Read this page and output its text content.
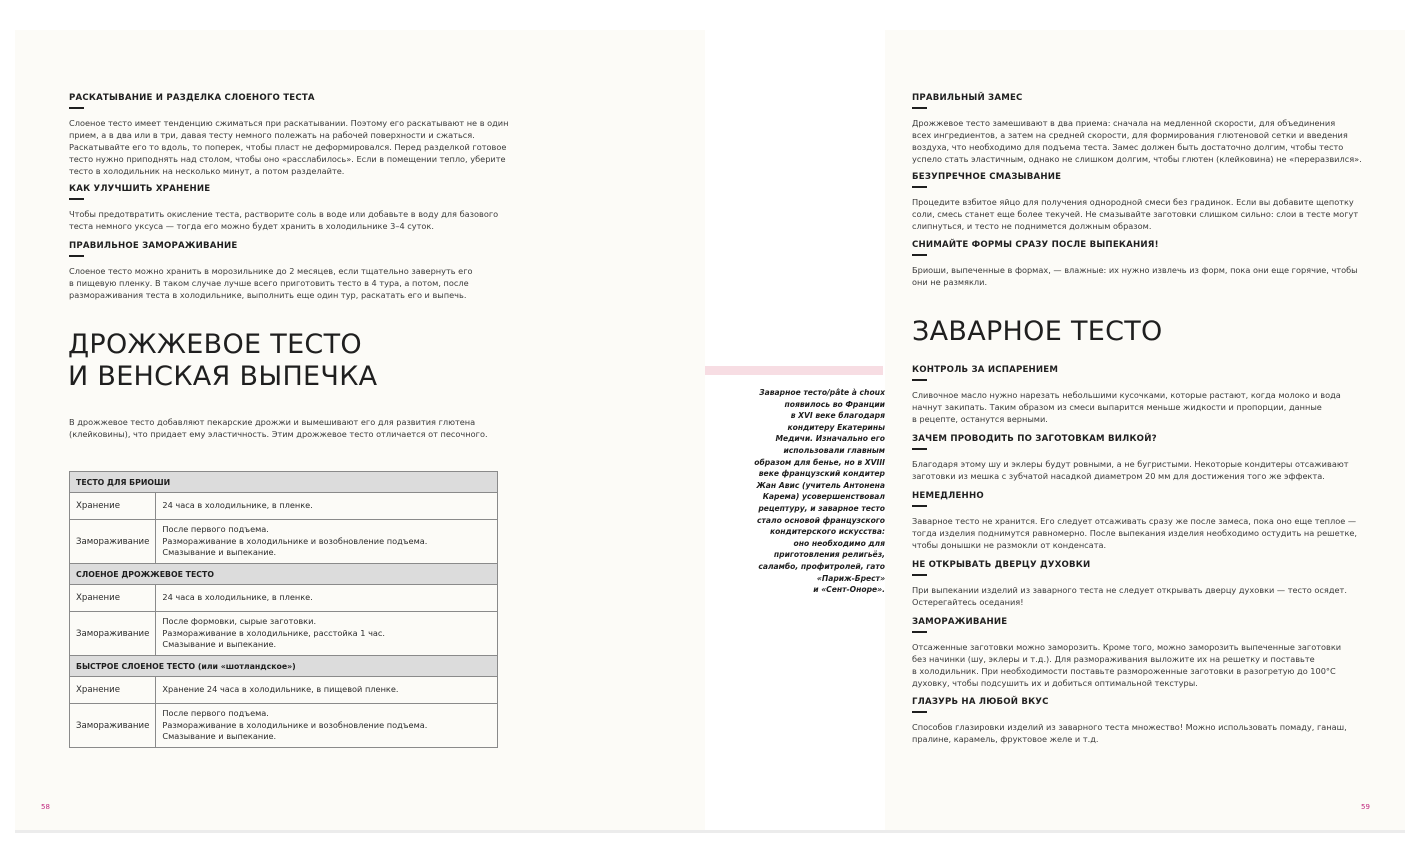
РАСКАТЫВАНИЕ И РАЗДЕЛКА СЛОЕНОГО ТЕСТА

Слоеное тесто имеет тенденцию сжиматься при раскатывании. Поэтому его раскатывают не в один
прием, а в два или в три, давая тесту немного полежать на рабочей поверхности и сжаться.
Раскатывайте его то вдоль, то поперек, чтобы пласт не деформировался. Перед разделкой готовое
тесто нужно приподнять над столом, чтобы оно «расслабилось». Если в помещении тепло, уберите
тесто в холодильник на несколько минут, а потом разделайте.

КАК УЛУЧШИТЬ ХРАНЕНИЕ

Чтобы предотвратить окисление теста, растворите соль в воде или добавьте в воду для базового
теста немного уксуса — тогда его можно будет хранить в холодильнике 3–4 суток.

ПРАВИЛЬНОЕ ЗАМОРАЖИВАНИЕ

Слоеное тесто можно хранить в морозильнике до 2 месяцев, если тщательно завернуть его
в пищевую пленку. В таком случае лучше всего приготовить тесто в 4 тура, а потом, после
размораживания теста в холодильнике, выполнить еще один тур, раскатать его и выпечь.

ДРОЖЖЕВОЕ ТЕСТО
И ВЕНСКАЯ ВЫПЕЧКА
В дрожжевое тесто добавляют пекарские дрожжи и вымешивают его для развития глютена
(клейковины), что придает ему эластичность. Этим дрожжевое тесто отличается от песочного.
ТЕСТО ДЛЯ БРИОШИ	
Хранение	24 часа в холодильнике, в пленке.

Замораживание	После первого подъема.
Размораживание в холодильнике и возобновление подъема.
Смазывание и выпекание.

СЛОЕНОЕ ДРОЖЖЕВОЕ ТЕСТО	
Хранение	24 часа в холодильнике, в пленке.

Замораживание	После формовки, сырые заготовки.
Размораживание в холодильнике, расстойка 1 час.
Смазывание и выпекание.

БЫСТРОЕ СЛОЕНОЕ ТЕСТО (или «шотландское»)	
Хранение	Хранение 24 часа в холодильнике, в пищевой пленке.

Замораживание	После первого подъема.
Размораживание в холодильнике и возобновление подъема.
Смазывание и выпекание.
58
Заварное тесто/pâte à choux
появилось во Франции
в XVI веке благодаря
кондитеру Екатерины
Медичи. Изначально его
использовали главным
образом для бенье, но в XVIII
веке французский кондитер
Жан Авис (учитель Антонена
Карема) усовершенствовал
рецептуру, и заварное тесто
стало основой французского
кондитерского искусства:
оно необходимо для
приготовления религьёз,
саламбо, профитролей, гато
«Париж-Брест»
и «Сент-Оноре».
ПРАВИЛЬНЫЙ ЗАМЕС

Дрожжевое тесто замешивают в два приема: сначала на медленной скорости, для объединения
всех ингредиентов, а затем на средней скорости, для формирования глютеновой сетки и введения
воздуха, что необходимо для подъема теста. Замес должен быть достаточно долгим, чтобы тесто
успело стать эластичным, однако не слишком долгим, чтобы глютен (клейковина) не «переразвился».

БЕЗУПРЕЧНОЕ СМАЗЫВАНИЕ

Процедите взбитое яйцо для получения однородной смеси без градинок. Если вы добавите щепотку
соли, смесь станет еще более текучей. Не смазывайте заготовки слишком сильно: слои в тесте могут
слипнуться, и тесто не поднимется должным образом.

СНИМАЙТЕ ФОРМЫ СРАЗУ ПОСЛЕ ВЫПЕКАНИЯ!

Бриоши, выпеченные в формах, — влажные: их нужно извлечь из форм, пока они еще горячие, чтобы
они не размякли.

ЗАВАРНОЕ ТЕСТО
КОНТРОЛЬ ЗА ИСПАРЕНИЕМ

Сливочное масло нужно нарезать небольшими кусочками, которые растают, когда молоко и вода
начнут закипать. Таким образом из смеси выпарится меньше жидкости и пропорции, данные
в рецепте, останутся верными.

ЗАЧЕМ ПРОВОДИТЬ ПО ЗАГОТОВКАМ ВИЛКОЙ?

Благодаря этому шу и эклеры будут ровными, а не бугристыми. Некоторые кондитеры отсаживают
заготовки из мешка с зубчатой насадкой диаметром 20 мм для достижения того же эффекта.

НЕМЕДЛЕННО

Заварное тесто не хранится. Его следует отсаживать сразу же после замеса, пока оно еще теплое —
тогда изделия поднимутся равномерно. После выпекания изделия необходимо остудить на решетке,
чтобы донышки не размокли от конденсата.

НЕ ОТКРЫВАТЬ ДВЕРЦУ ДУХОВКИ

При выпекании изделий из заварного теста не следует открывать дверцу духовки — тесто осядет.
Остерегайтесь оседания!

ЗАМОРАЖИВАНИЕ

Отсаженные заготовки можно заморозить. Кроме того, можно заморозить выпеченные заготовки
без начинки (шу, эклеры и т.д.). Для размораживания выложите их на решетку и поставьте
в холодильник. При необходимости поставьте размороженные заготовки в разогретую до 100°С
духовку, чтобы подсушить их и добиться оптимальной текстуры.

ГЛАЗУРЬ НА ЛЮБОЙ ВКУС

Способов глазировки изделий из заварного теста множество! Можно использовать помаду, ганаш,
пралине, карамель, фруктовое желе и т.д.

59
